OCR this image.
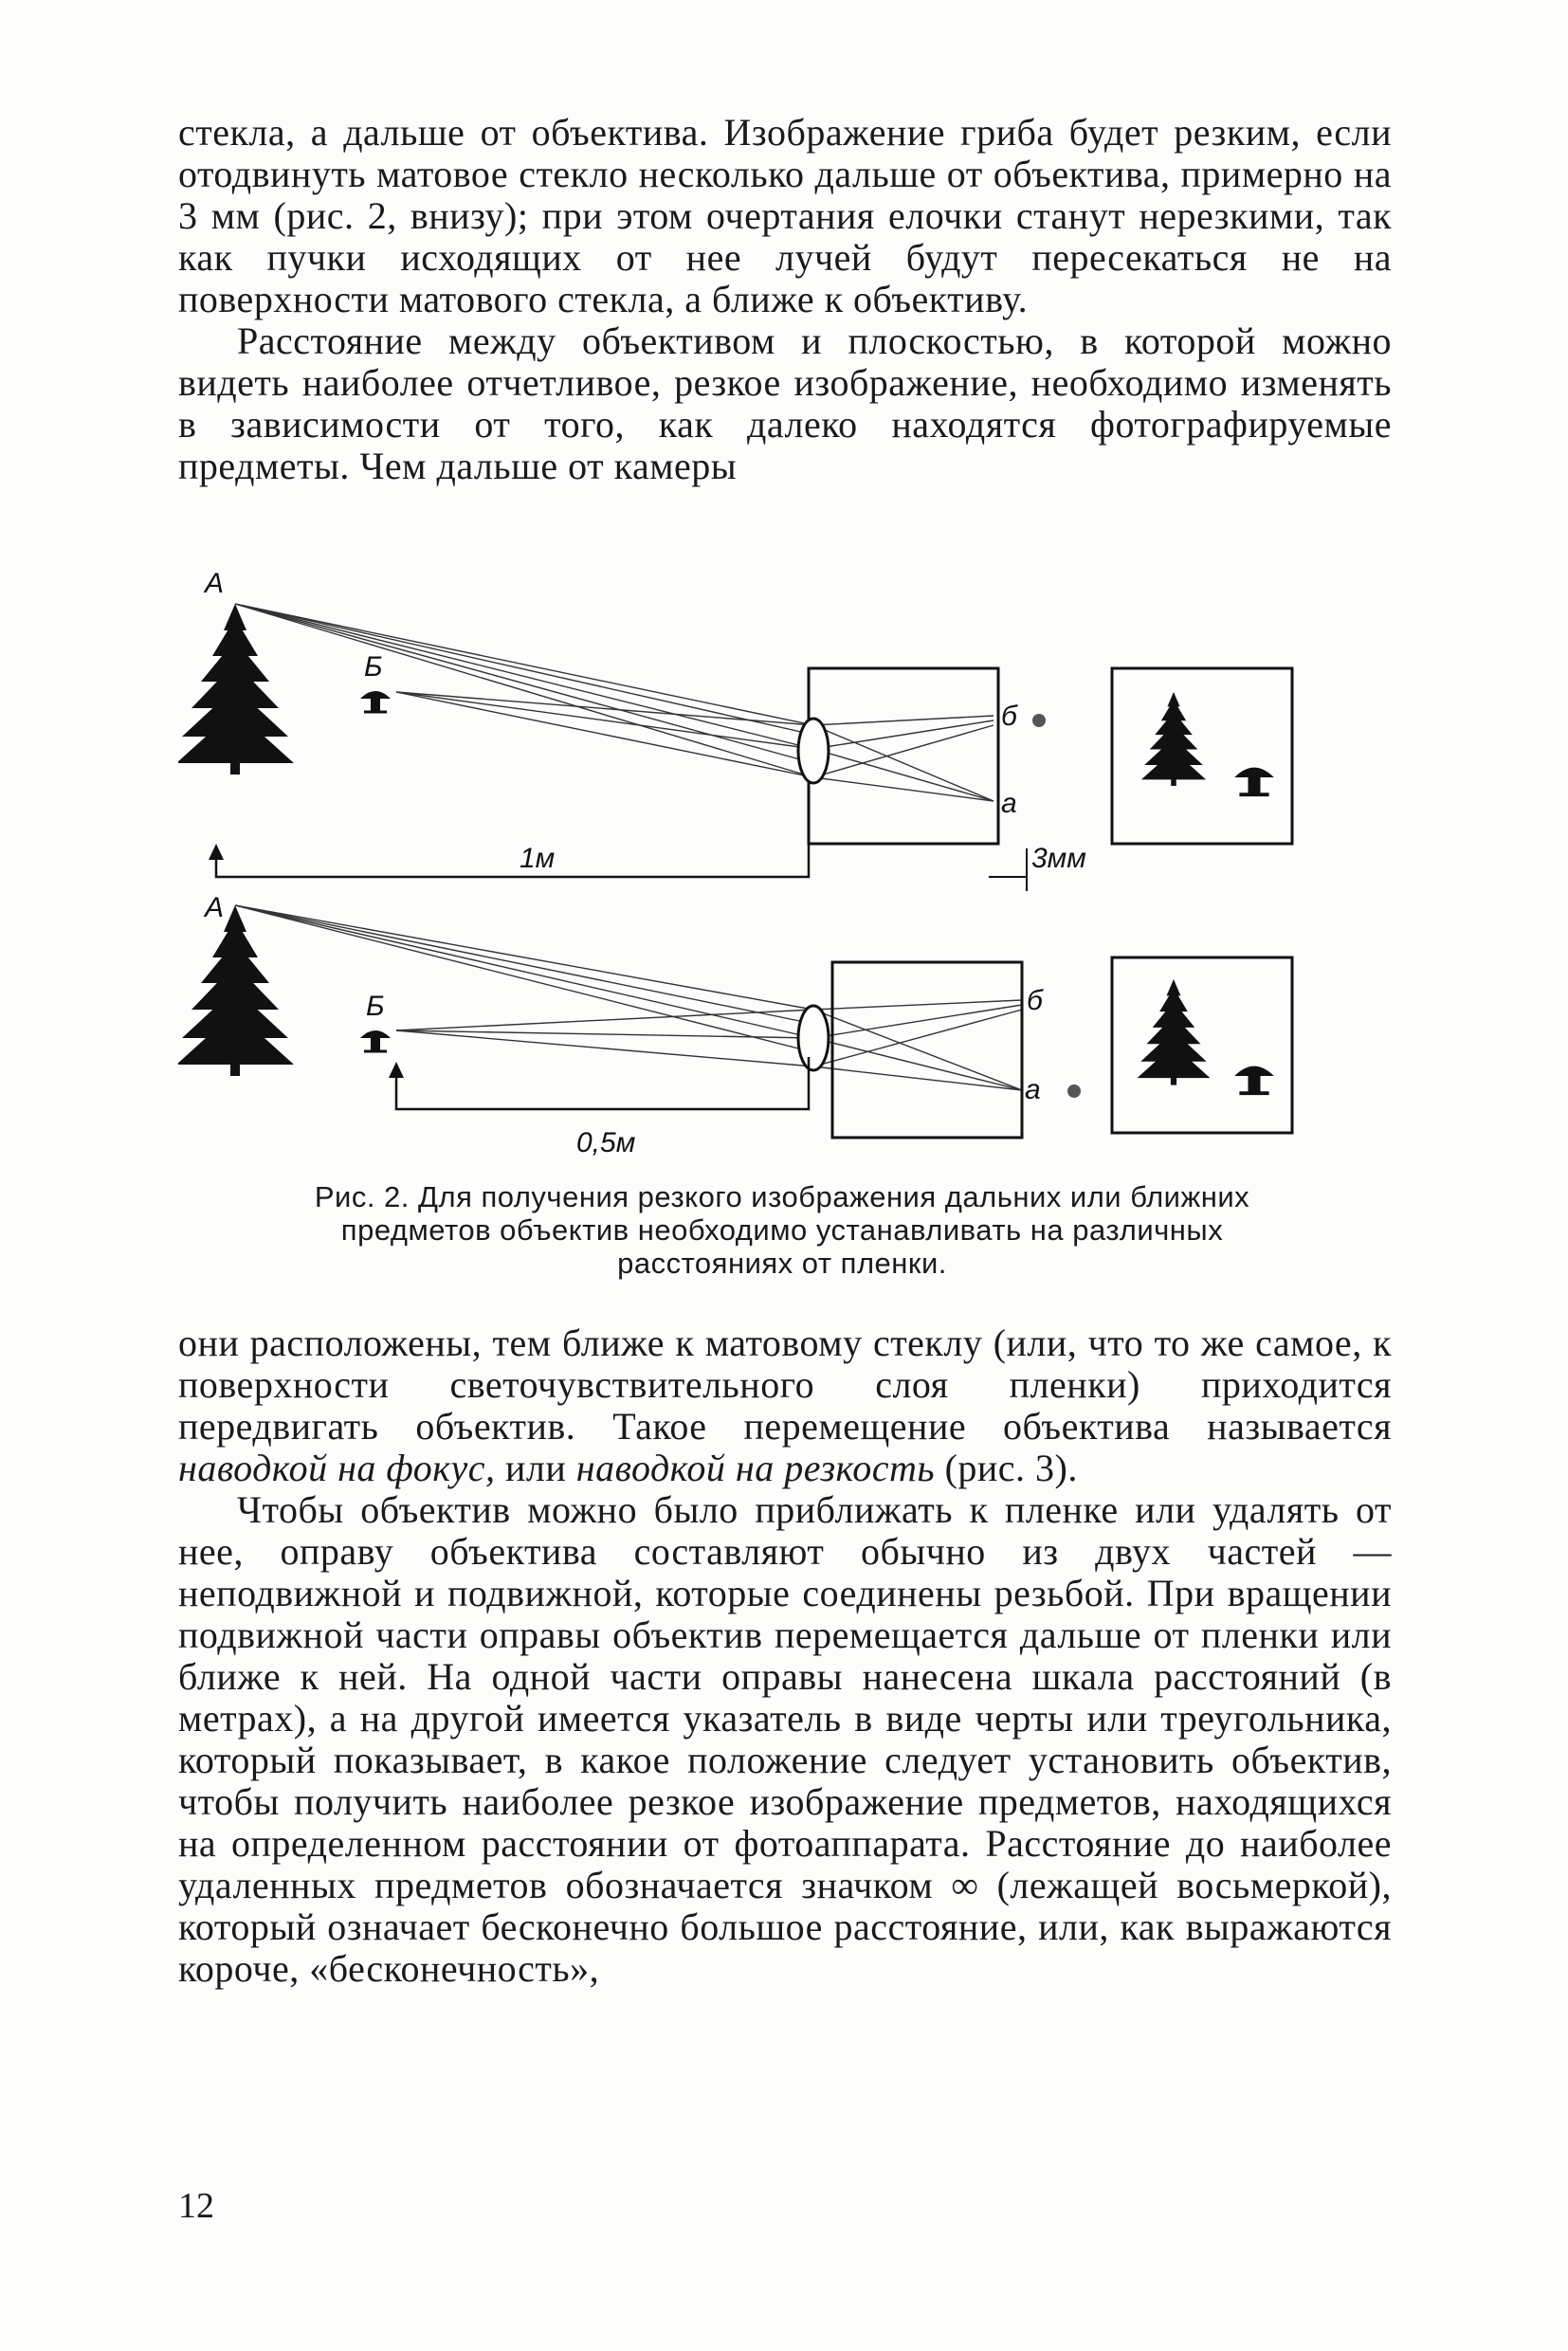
стекла, а дальше от объектива. Изображение гриба будет резким, если отодвинуть матовое стекло несколько дальше от объектива, примерно на 3 мм (рис. 2, внизу); при этом очертания елочки станут нерезкими, так как пучки исходящих от нее лучей будут пересекаться не на поверхности матового стекла, а ближе к объективу.

Расстояние между объективом и плоскостью, в которой можно видеть наиболее отчетливое, резкое изображение, необходимо изменять в зависимости от того, как далеко находятся фотографируемые предметы. Чем дальше от камеры

А
Б
б
а
1м	3мм
А
Б	б
а
0,5м
Рис. 2. Для получения резкого изображения дальних или ближних предметов объектив необходимо устанавливать на различных расстояниях от пленки.

они расположены, тем ближе к матовому стеклу (или, что то же самое, к поверхности светочувствительного слоя пленки) приходится передвигать объектив. Такое перемещение объектива называется наводкой на фокус, или наводкой на резкость (рис. 3).

Чтобы объектив можно было приближать к пленке или удалять от нее, оправу объектива составляют обычно из двух частей — неподвижной и подвижной, которые соединены резьбой. При вращении подвижной части оправы объектив перемещается дальше от пленки или ближе к ней. На одной части оправы нанесена шкала расстояний (в метрах), а на другой имеется указатель в виде черты или треугольника, который показывает, в какое положение следует установить объектив, чтобы получить наиболее резкое изображение предметов, находящихся на определенном расстоянии от фотоаппарата. Расстояние до наиболее удаленных предметов обозначается значком ∞ (лежащей восьмеркой), который означает бесконечно большое расстояние, или, как выражаются короче, «бесконечность»,

12
